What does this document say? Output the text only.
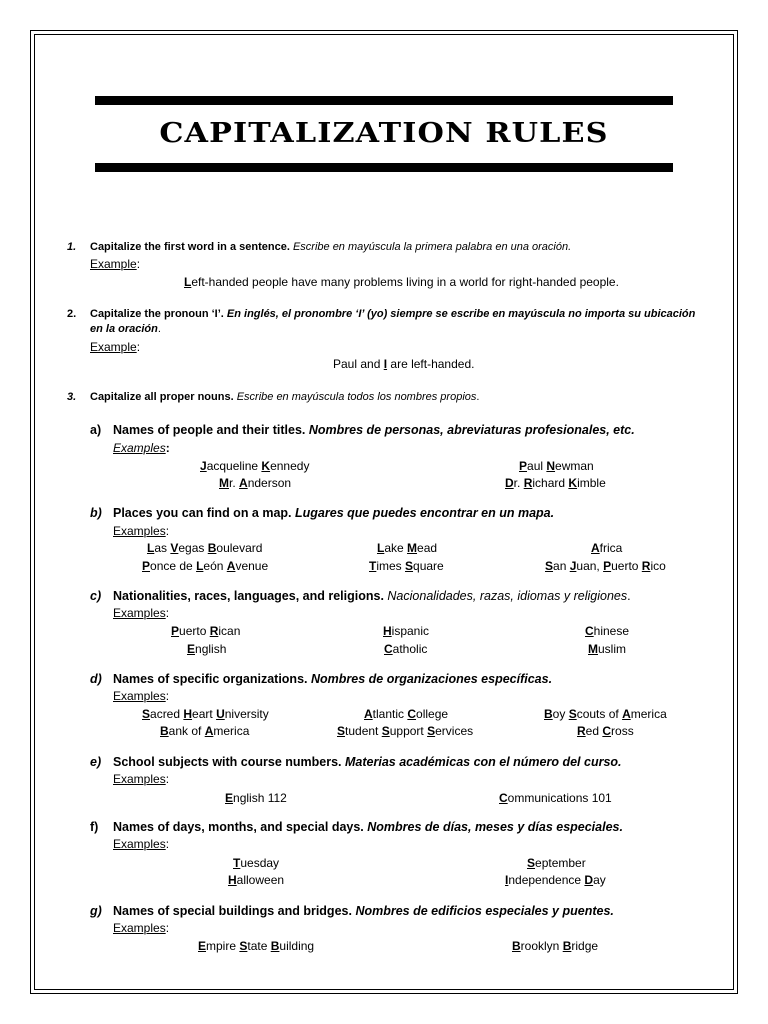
CAPITALIZATION RULES
1. Capitalize the first word in a sentence. Escribe en mayúscula la primera palabra en una oración.
Example:
Left-handed people have many problems living in a world for right-handed people.
2. Capitalize the pronoun ‘I’. En inglés, el pronombre ‘I’ (yo) siempre se escribe en mayúscula no importa su ubicación
en la oración.
Example:
Paul and I are left-handed.
3. Capitalize all proper nouns. Escribe en mayúscula todos los nombres propios.
a) Names of people and their titles. Nombres de personas, abreviaturas profesionales, etc.
Examples:
Jacqueline Kennedy
Mr. Anderson
Paul Newman
Dr. Richard Kimble
b) Places you can find on a map. Lugares que puedes encontrar en un mapa.
Examples:
Las Vegas Boulevard
Ponce de León Avenue
Lake Mead
Times Square
Africa
San Juan, Puerto Rico
c) Nationalities, races, languages, and religions. Nacionalidades, razas, idiomas y religiones.
Examples:
Puerto Rican
English
Hispanic
Catholic
Chinese
Muslim
d) Names of specific organizations. Nombres de organizaciones específicas.
Examples:
Sacred Heart University
Bank of America
Atlantic College
Student Support Services
Boy Scouts of America
Red Cross
e) School subjects with course numbers. Materias académicas con el número del curso.
Examples:
English 112	Communications 101
f) Names of days, months, and special days. Nombres de días, meses y días especiales.
Examples:
Tuesday
Halloween
September
Independence Day
g) Names of special buildings and bridges. Nombres de edificios especiales y puentes.
Examples:
Empire State Building	Brooklyn Bridge
